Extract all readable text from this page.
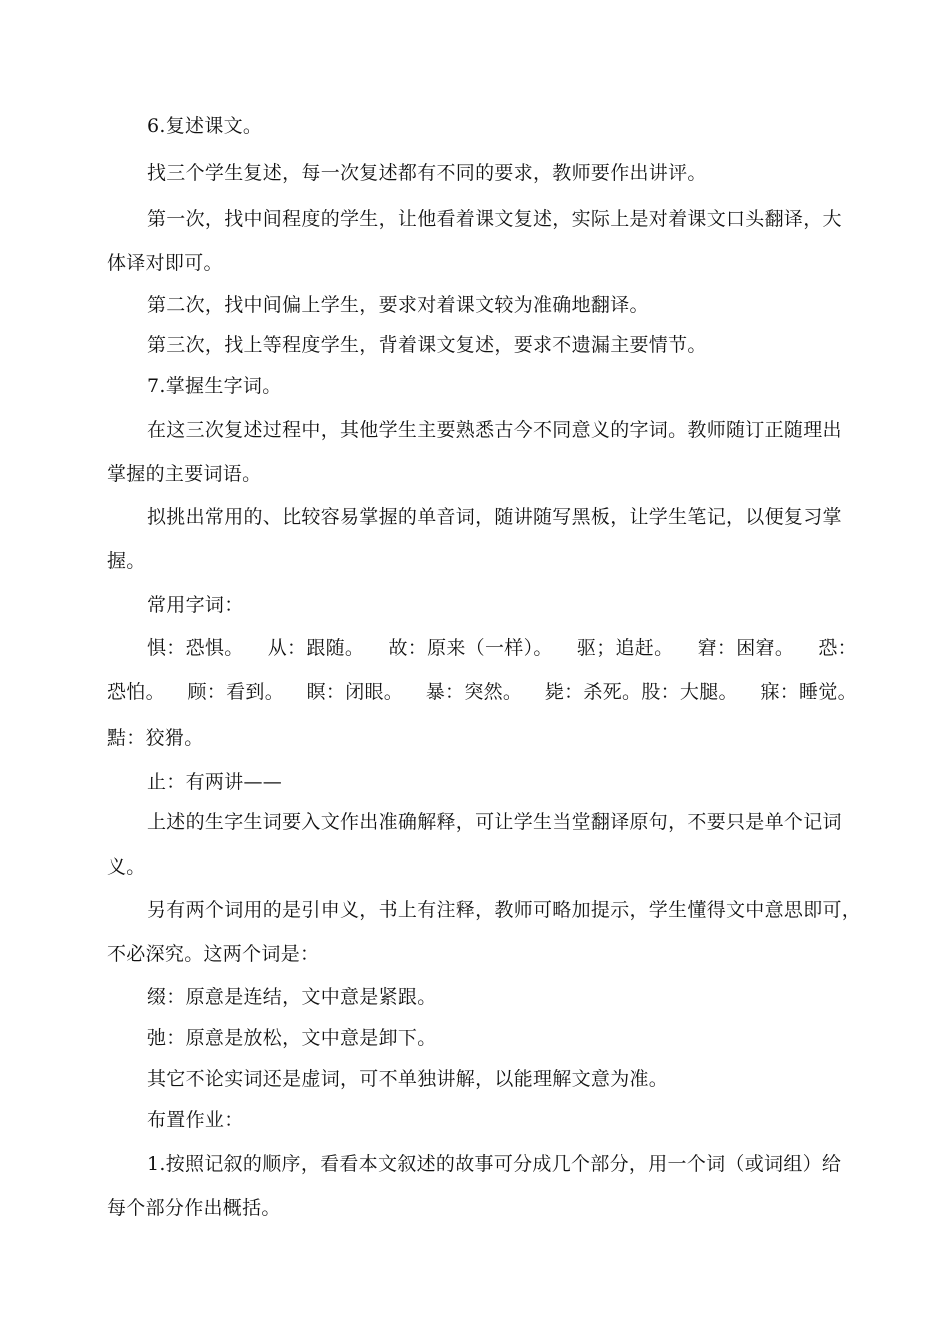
6.复述课文。
找三个学生复述，每一次复述都有不同的要求，教师要作出讲评。
第一次，找中间程度的学生，让他看着课文复述，实际上是对着课文口头翻译，大
体译对即可。
第二次，找中间偏上学生，要求对着课文较为准确地翻译。
第三次，找上等程度学生，背着课文复述，要求不遗漏主要情节。
7.掌握生字词。
在这三次复述过程中，其他学生主要熟悉古今不同意义的字词。教师随订正随理出
掌握的主要词语。
拟挑出常用的、比较容易掌握的单音词，随讲随写黑板，让学生笔记，以便复习掌
握。
常用字词：
惧：恐惧。 从：跟随。 故：原来（一样）。 驱；追赶。 窘：困窘。 恐：
恐怕。 顾：看到。 瞑：闭眼。 暴：突然。 毙：杀死。股：大腿。 寐：睡觉。
黠：狡猾。
止：有两讲——
上述的生字生词要入文作出准确解释，可让学生当堂翻译原句，不要只是单个记词
义。
另有两个词用的是引申义，书上有注释，教师可略加提示，学生懂得文中意思即可，
不必深究。这两个词是：
缀：原意是连结，文中意是紧跟。
弛：原意是放松，文中意是卸下。
其它不论实词还是虚词，可不单独讲解，以能理解文意为准。
布置作业：
1.按照记叙的顺序，看看本文叙述的故事可分成几个部分，用一个词（或词组）给
每个部分作出概括。
